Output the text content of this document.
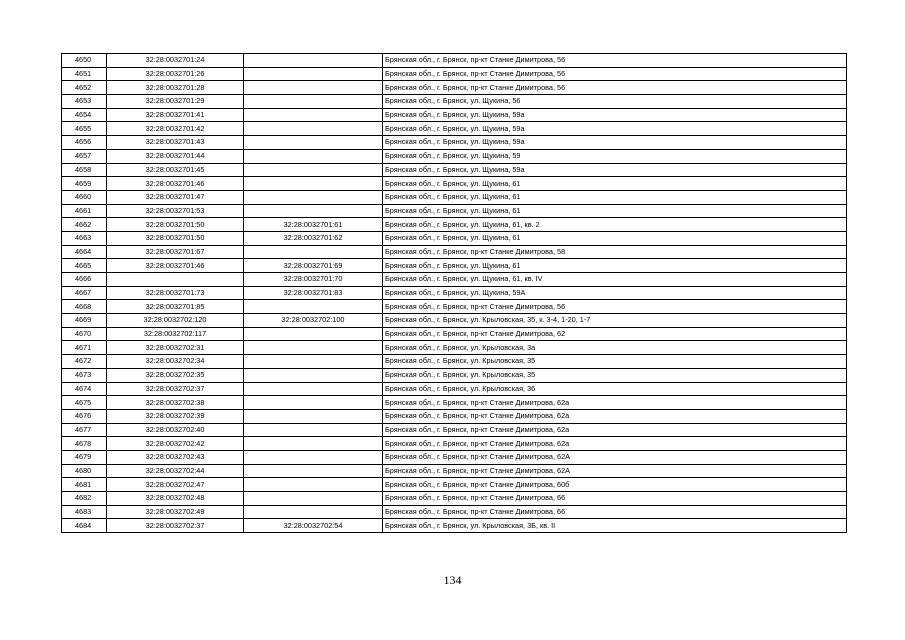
4650	32:28:0032701:24		Брянская обл., г. Брянск, пр-кт Станке Димитрова, 56
4651	32:28:0032701:26		Брянская обл., г. Брянск, пр-кт Станке Димитрова, 56
4652	32:28:0032701:28		Брянская обл., г. Брянск, пр-кт Станке Димитрова, 56
4653	32:28:0032701:29		Брянская обл., г. Брянск, ул. Щукина, 56
4654	32:28:0032701:41		Брянская обл., г. Брянск, ул. Щукина, 59а
4655	32:28:0032701:42		Брянская обл., г. Брянск, ул. Щукина, 59а
4656	32:28:0032701:43		Брянская обл., г. Брянск, ул. Щукина, 59а
4657	32:28:0032701:44		Брянская обл., г. Брянск, ул. Щукина, 59
4658	32:28:0032701:45		Брянская обл., г. Брянск, ул. Щукина, 59а
4659	32:28:0032701:46		Брянская обл., г. Брянск, ул. Щукина, 61
4660	32:28:0032701:47		Брянская обл., г. Брянск, ул. Щукина, 61
4661	32:28:0032701:53		Брянская обл., г. Брянск, ул. Щукина, 61
4662	32:28:0032701:50	32:28:0032701:61	Брянская обл., г. Брянск, ул. Щукина, 61, кв. 2
4663	32:28:0032701:50	32:28:0032701:62	Брянская обл., г. Брянск, ул. Щукина, 61
4664	32:28:0032701:67		Брянская обл., г. Брянск, пр-кт Станке Димитрова, 58
4665	32:28:0032701:46	32:28:0032701:69	Брянская обл., г. Брянск, ул. Щукина, 61
4666		32:28:0032701:70	Брянская обл., г. Брянск, ул. Щукина, 61, кв. IV
4667	32:28:0032701:73	32:28:0032701:83	Брянская обл., г. Брянск, ул. Щукина, 59А
4668	32:28:0032701:85		Брянская обл., г. Брянск, пр-кт Станке Димитрова, 56
4669	32:28:0032702:120	32:28:0032702:100	Брянская обл., г. Брянск, ул. Крыловская, 35, к. 3-4, 1-20, 1-7
4670	32:28:0032702:117		Брянская обл., г. Брянск, пр-кт Станке Димитрова, 62
4671	32:28:0032702:31		Брянская обл., г. Брянск, ул. Крыловская, 3а
4672	32:28:0032702:34		Брянская обл., г. Брянск, ул. Крыловская, 35
4673	32:28:0032702:35		Брянская обл., г. Брянск, ул. Крыловская, 35
4674	32:28:0032702:37		Брянская обл., г. Брянск, ул. Крыловская, 36
4675	32:28:0032702:38		Брянская обл., г. Брянск, пр-кт Станке Димитрова, 62а
4676	32:28:0032702:39		Брянская обл., г. Брянск, пр-кт Станке Димитрова, 62а
4677	32:28:0032702:40		Брянская обл., г. Брянск, пр-кт Станке Димитрова, 62а
4678	32:28:0032702:42		Брянская обл., г. Брянск, пр-кт Станке Димитрова, 62а
4679	32:28:0032702:43		Брянская обл., г. Брянск, пр-кт Станке Димитрова, 62А
4680	32:28:0032702:44		Брянская обл., г. Брянск, пр-кт Станке Димитрова, 62А
4681	32:28:0032702:47		Брянская обл., г. Брянск, пр-кт Станке Димитрова, 60б
4682	32:28:0032702:48		Брянская обл., г. Брянск, пр-кт Станке Димитрова, 66
4683	32:28:0032702:49		Брянская обл., г. Брянск, пр-кт Станке Димитрова, 66
4684	32:28:0032702:37	32:28:0032702:54	Брянская обл., г. Брянск, ул. Крыловская, 3Б, кв. II
134
